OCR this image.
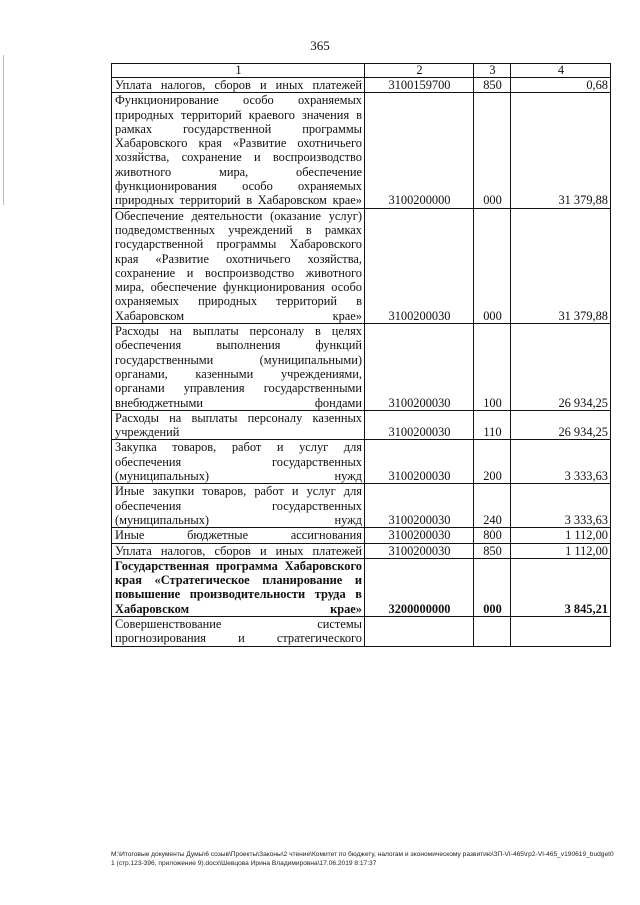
365
1	2	3	4
Уплата налогов, сборов и иных платежей	3100159700	850	0,68
Функционирование особо охраняемых природных территорий краевого значения в рамках государственной программы Хабаровского края «Развитие охотничьего хозяйства, сохранение и воспроизводство животного мира, обеспечение функционирования особо охраняемых природных территорий в Хабаровском крае»	3100200000	000	31 379,88
Обеспечение деятельности (оказание услуг) подведомственных учреждений в рамках государственной программы Хабаровского края «Развитие охотничьего хозяйства, сохранение и воспроизводство животного мира, обеспечение функционирования особо охраняемых природных территорий в Хабаровском крае»	3100200030	000	31 379,88
Расходы на выплаты персоналу в целях обеспечения выполнения функций государственными (муниципальными) органами, казенными учреждениями, органами управления государственными внебюджетными фондами	3100200030	100	26 934,25
Расходы на выплаты персоналу казенных учреждений	3100200030	110	26 934,25
Закупка товаров, работ и услуг для обеспечения государственных (муниципальных) нужд	3100200030	200	3 333,63
Иные закупки товаров, работ и услуг для обеспечения государственных (муниципальных) нужд	3100200030	240	3 333,63
Иные бюджетные ассигнования	3100200030	800	1 112,00
Уплата налогов, сборов и иных платежей	3100200030	850	1 112,00
Государственная программа Хабаровского края «Стратегическое планирование и повышение производительности труда в Хабаровском крае»	3200000000	000	3 845,21
Совершенствование системы прогнозирования и стратегического			
M:\Итоговые документы Думы\6 созыв\Проекты\Законы\2 чтение\Комитет по бюджету, налогам и экономическому развитию\ЗП-VI-465\гр2-VI-465_v190619_budget01 (стр.123-396, приложение 9).docx\Шевцова Ирина Владимировна\17.06.2019 8:17:37
